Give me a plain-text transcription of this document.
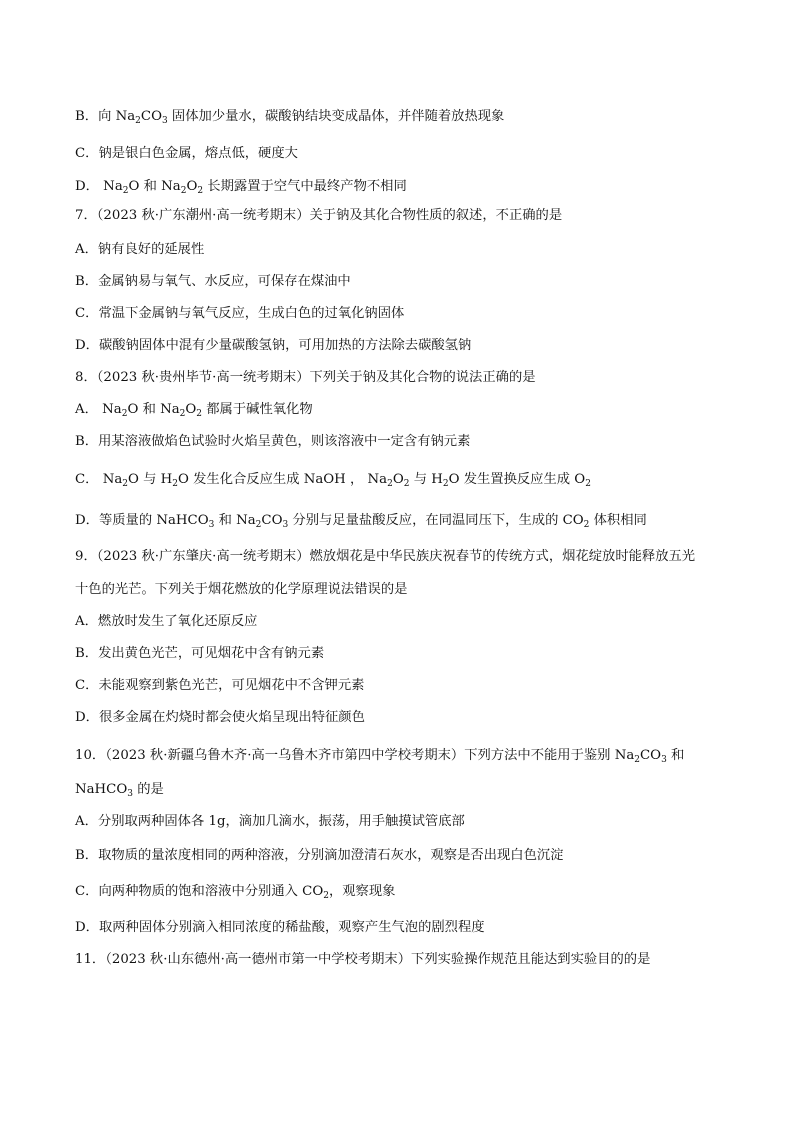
B．向 $Na_2CO_3$ 固体加少量水，碳酸钠结块变成晶体，并伴随着放热现象
C．钠是银白色金属，熔点低，硬度大
D． $Na_2O$ 和 $Na_2O_2$ 长期露置于空气中最终产物不相同
7．（2023 秋·广东潮州·高一统考期末）关于钠及其化合物性质的叙述，不正确的是
A．钠有良好的延展性
B．金属钠易与氧气、水反应，可保存在煤油中
C．常温下金属钠与氧气反应，生成白色的过氧化钠固体
D．碳酸钠固体中混有少量碳酸氢钠，可用加热的方法除去碳酸氢钠
8．（2023 秋·贵州毕节·高一统考期末）下列关于钠及其化合物的说法正确的是
A． $Na_2O$ 和 $Na_2O_2$ 都属于碱性氧化物
B．用某溶液做焰色试验时火焰呈黄色，则该溶液中一定含有钠元素
C． $Na_2O$ 与 $H_2O$ 发生化合反应生成 NaOH ， $Na_2O_2$ 与 $H_2O$ 发生置换反应生成 $O_2$
D．等质量的 NaHCO$_3$ 和 $Na_2CO_3$ 分别与足量盐酸反应，在同温同压下，生成的 $CO_2$ 体积相同
9．（2023 秋·广东肇庆·高一统考期末）燃放烟花是中华民族庆祝春节的传统方式，烟花绽放时能释放五光
十色的光芒。下列关于烟花燃放的化学原理说法错误的是
A．燃放时发生了氧化还原反应
B．发出黄色光芒，可见烟花中含有钠元素
C．未能观察到紫色光芒，可见烟花中不含钾元素
D．很多金属在灼烧时都会使火焰呈现出特征颜色
10．（2023 秋·新疆乌鲁木齐·高一乌鲁木齐市第四中学校考期末）下列方法中不能用于鉴别 $Na_2CO_3$ 和
NaHCO$_3$ 的是
A．分别取两种固体各 1g，滴加几滴水，振荡，用手触摸试管底部
B．取物质的量浓度相同的两种溶液，分别滴加澄清石灰水，观察是否出现白色沉淀
C．向两种物质的饱和溶液中分别通入 $CO_2$，观察现象
D．取两种固体分别滴入相同浓度的稀盐酸，观察产生气泡的剧烈程度
11．（2023 秋·山东德州·高一德州市第一中学校考期末）下列实验操作规范且能达到实验目的的是
